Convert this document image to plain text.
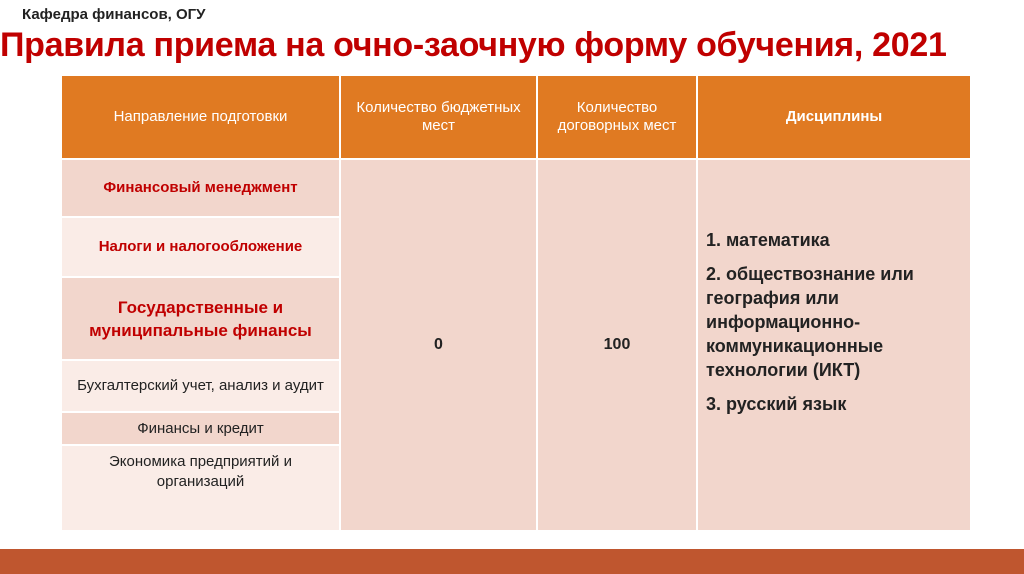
Кафедра финансов, ОГУ
Правила приема на очно-заочную форму обучения, 2021
Направление подготовки
Количество бюджетных мест
Количество договорных мест
Дисциплины
Финансовый менеджмент
Налоги и налогообложение
Государственные и муниципальные финансы
Бухгалтерский учет, анализ и аудит
Финансы и кредит
Экономика предприятий и организаций
0	100
1. математика
2. обществознание или география или информационно-коммуникационные технологии (ИКТ)
3. русский язык
